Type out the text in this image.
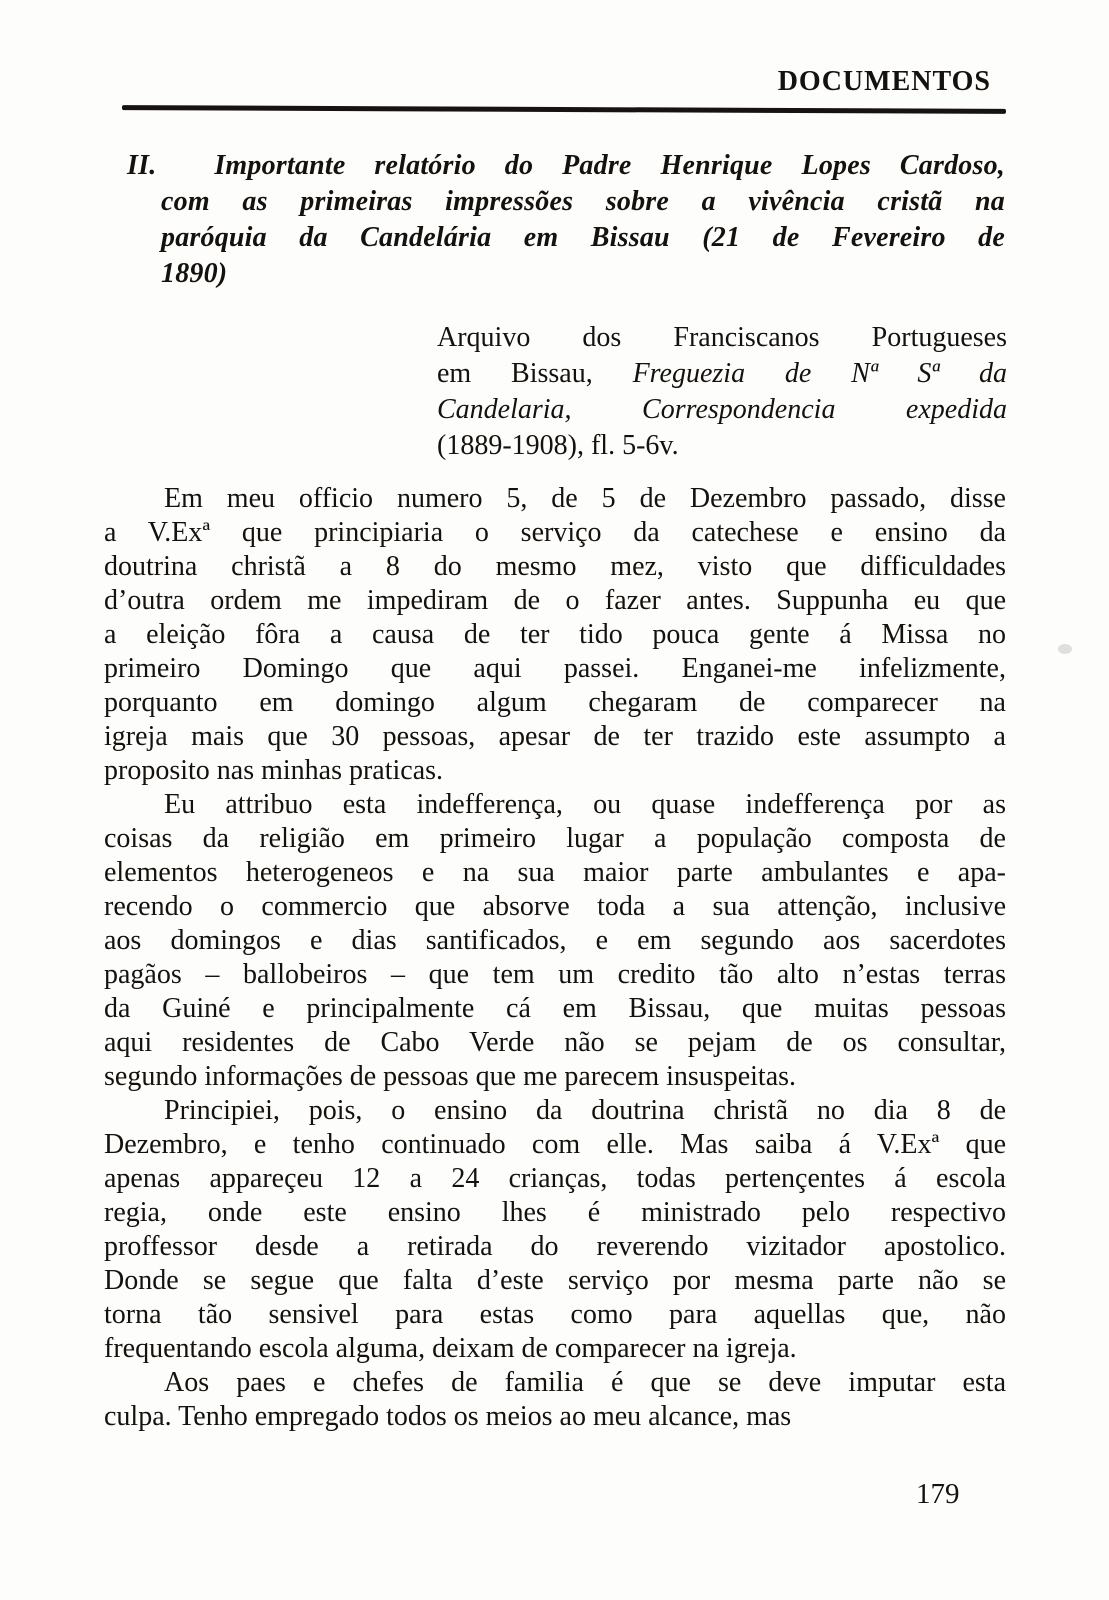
DOCUMENTOS
II.  Importante relatório do Padre Henrique Lopes Cardoso,
com as primeiras impressões sobre a vivência cristã na
paróquia da Candelária em Bissau (21 de Fevereiro de
1890)
Arquivo dos Franciscanos Portugueses
em Bissau, Freguezia de Nª Sª da
Candelaria, Correspondencia expedida
(1889-1908), fl. 5-6v.
Em meu officio numero 5, de 5 de Dezembro passado, disse
a V.Exª que principiaria o serviço da catechese e ensino da
doutrina christã a 8 do mesmo mez, visto que difficuldades
d’outra ordem me impediram de o fazer antes. Suppunha eu que
a eleição fôra a causa de ter tido pouca gente á Missa no
primeiro Domingo que aqui passei. Enganei-me infelizmente,
porquanto em domingo algum chegaram de comparecer na
igreja mais que 30 pessoas, apesar de ter trazido este assumpto a
proposito nas minhas praticas.
Eu attribuo esta indefferença, ou quase indefferença por as
coisas da religião em primeiro lugar a população composta de
elementos heterogeneos e na sua maior parte ambulantes e apa-
recendo o commercio que absorve toda a sua attenção, inclusive
aos domingos e dias santificados, e em segundo aos sacerdotes
pagãos – ballobeiros – que tem um credito tão alto n’estas terras
da Guiné e principalmente cá em Bissau, que muitas pessoas
aqui residentes de Cabo Verde não se pejam de os consultar,
segundo informações de pessoas que me parecem insuspeitas.
Principiei, pois, o ensino da doutrina christã no dia 8 de
Dezembro, e tenho continuado com elle. Mas saiba á V.Exª que
apenas appareçeu 12 a 24 crianças, todas pertençentes á escola
regia, onde este ensino lhes é ministrado pelo respectivo
proffessor desde a retirada do reverendo vizitador apostolico.
Donde se segue que falta d’este serviço por mesma parte não se
torna tão sensivel para estas como para aquellas que, não
frequentando escola alguma, deixam de comparecer na igreja.
Aos paes e chefes de familia é que se deve imputar esta
culpa. Tenho empregado todos os meios ao meu alcance, mas
179
